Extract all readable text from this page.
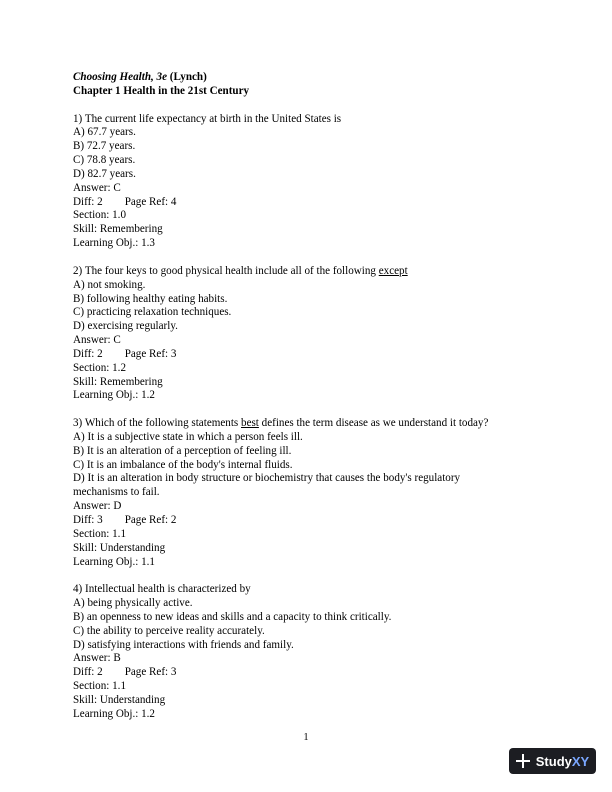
Choosing Health, 3e (Lynch)
Chapter 1 Health in the 21st Century
1) The current life expectancy at birth in the United States is
A) 67.7 years.
B) 72.7 years.
C) 78.8 years.
D) 82.7 years.
Answer: C
Diff: 2 Page Ref: 4
Section: 1.0
Skill: Remembering
Learning Obj.: 1.3
2) The four keys to good physical health include all of the following except
A) not smoking.
B) following healthy eating habits.
C) practicing relaxation techniques.
D) exercising regularly.
Answer: C
Diff: 2 Page Ref: 3
Section: 1.2
Skill: Remembering
Learning Obj.: 1.2
3) Which of the following statements best defines the term disease as we understand it today?
A) It is a subjective state in which a person feels ill.
B) It is an alteration of a perception of feeling ill.
C) It is an imbalance of the body's internal fluids.
D) It is an alteration in body structure or biochemistry that causes the body's regulatory
mechanisms to fail.
Answer: D
Diff: 3 Page Ref: 2
Section: 1.1
Skill: Understanding
Learning Obj.: 1.1
4) Intellectual health is characterized by
A) being physically active.
B) an openness to new ideas and skills and a capacity to think critically.
C) the ability to perceive reality accurately.
D) satisfying interactions with friends and family.
Answer: B
Diff: 2 Page Ref: 3
Section: 1.1
Skill: Understanding
Learning Obj.: 1.2
1
StudyXY
